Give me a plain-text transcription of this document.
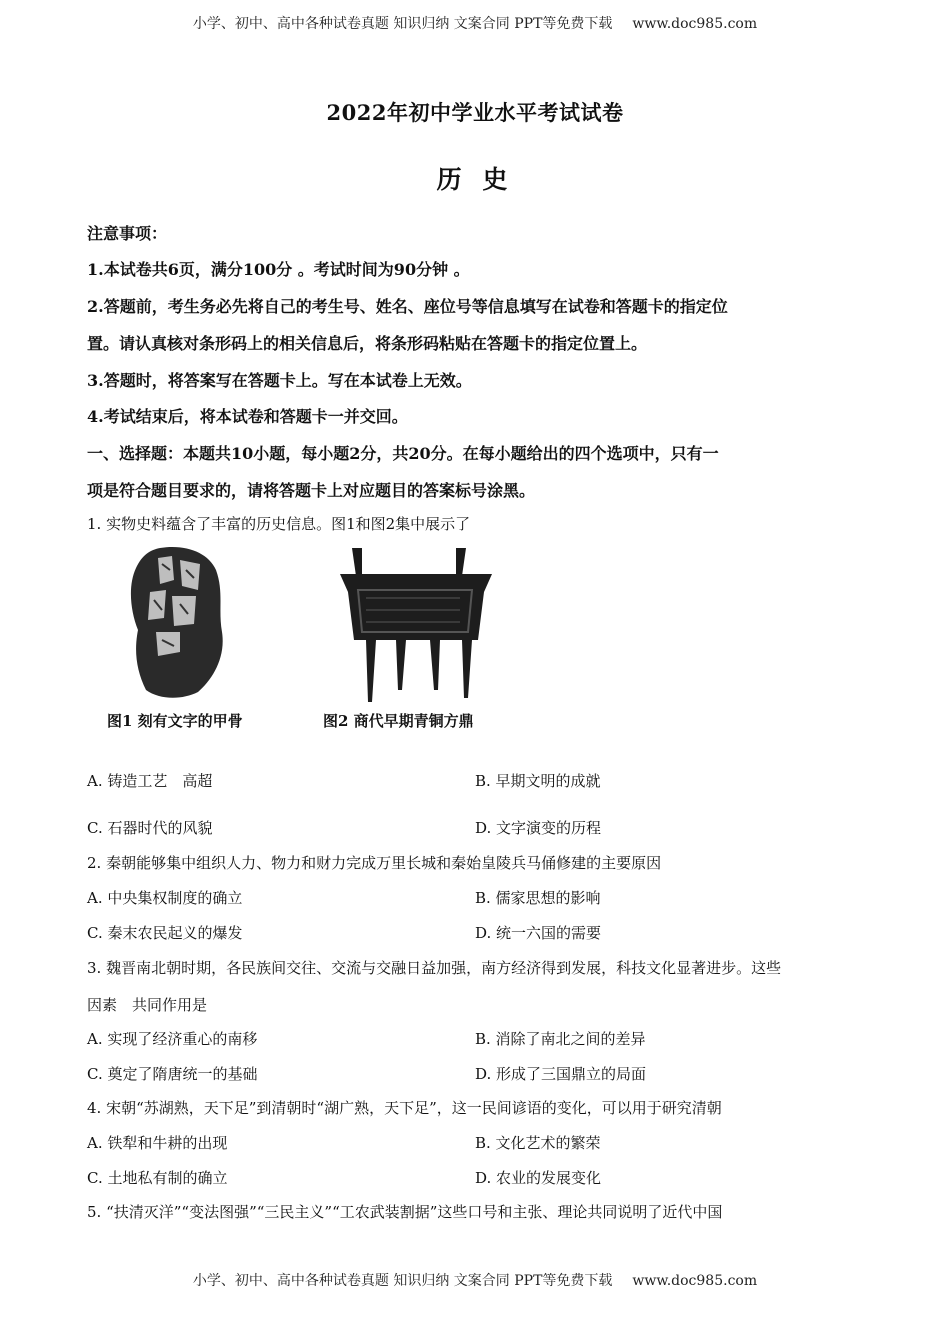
小学、初中、高中各种试卷真题 知识归纳 文案合同 PPT等免费下载 www.doc985.com
2022年初中学业水平考试试卷
历 史
注意事项：
1.本试卷共6页，满分100分 。考试时间为90分钟 。
2.答题前，考生务必先将自己的考生号、姓名、座位号等信息填写在试卷和答题卡的指定位
置。请认真核对条形码上的相关信息后，将条形码粘贴在答题卡的指定位置上。
3.答题时，将答案写在答题卡上。写在本试卷上无效。
4.考试结束后，将本试卷和答题卡一并交回。
一、选择题：本题共10小题，每小题2分，共20分。在每小题给出的四个选项中，只有一
项是符合题目要求的，请将答题卡上对应题目的答案标号涂黑。
1. 实物史料蕴含了丰富的历史信息。图1和图2集中展示了
图1 刻有文字的甲骨	图2 商代早期青铜方鼎
A. 铸造工艺　高超	B. 早期文明的成就
C. 石器时代的风貌	D. 文字演变的历程
2. 秦朝能够集中组织人力、物力和财力完成万里长城和秦始皇陵兵马俑修建的主要原因
A. 中央集权制度的确立	B. 儒家思想的影响
C. 秦末农民起义的爆发	D. 统一六国的需要
3. 魏晋南北朝时期，各民族间交往、交流与交融日益加强，南方经济得到发展，科技文化显著进步。这些
因素　共同作用是
A. 实现了经济重心的南移	B. 消除了南北之间的差异
C. 奠定了隋唐统一的基础	D. 形成了三国鼎立的局面
4. 宋朝“苏湖熟，天下足”到清朝时“湖广熟，天下足”，这一民间谚语的变化，可以用于研究清朝
A. 铁犁和牛耕的出现	B. 文化艺术的繁荣
C. 土地私有制的确立	D. 农业的发展变化
5. “扶清灭洋”“变法图强”“三民主义”“工农武装割据”这些口号和主张、理论共同说明了近代中国
小学、初中、高中各种试卷真题 知识归纳 文案合同 PPT等免费下载 www.doc985.com
